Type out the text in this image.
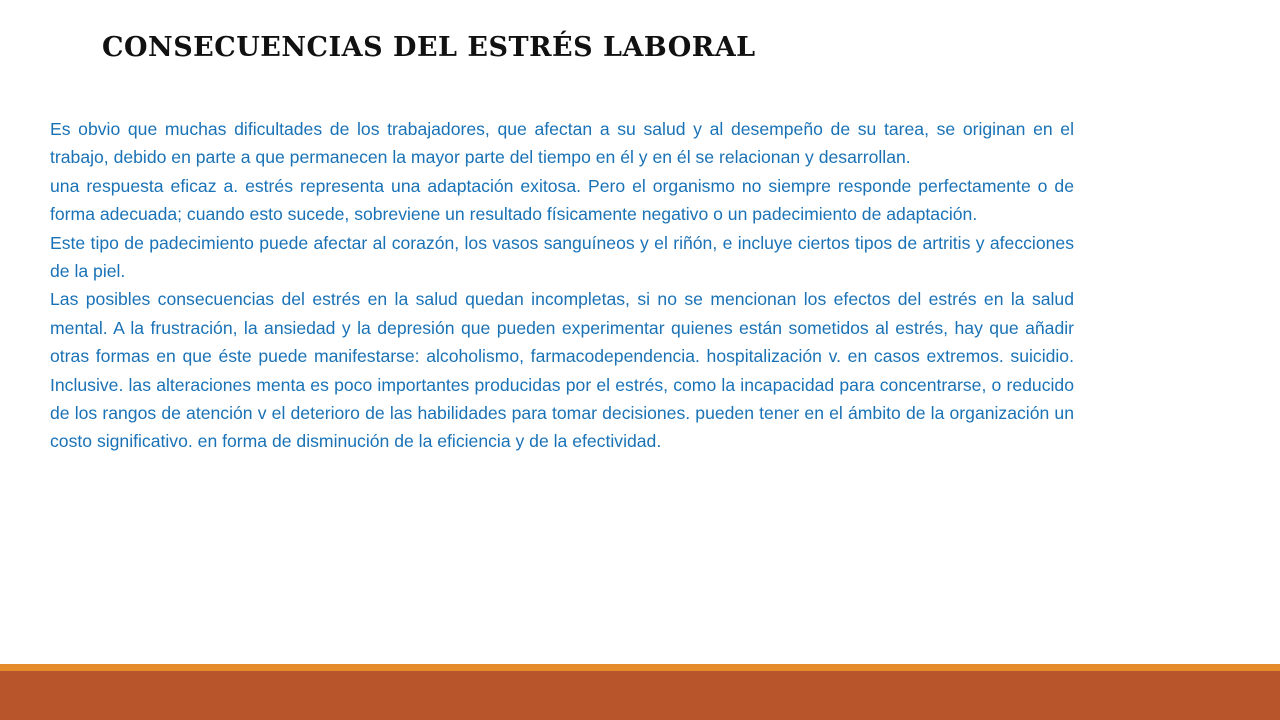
CONSECUENCIAS DEL ESTRÉS LABORAL

Es obvio que muchas dificultades de los trabajadores, que afectan a su salud y al desempeño de su tarea, se originan en el trabajo, debido en parte a que permanecen la mayor parte del tiempo en él y en él se relacionan y desarrollan.

una respuesta eficaz a. estrés representa una adaptación exitosa. Pero el organismo no siempre responde perfectamente o de forma adecuada; cuando esto sucede, sobreviene un resultado físicamente negativo o un padecimiento de adaptación.

Este tipo de padecimiento puede afectar al corazón, los vasos sanguíneos y el riñón, e incluye ciertos tipos de artritis y afecciones de la piel.

Las posibles consecuencias del estrés en la salud quedan incompletas, si no se mencionan los efectos del estrés en la salud mental. A la frustración, la ansiedad y la depresión que pueden experimentar quienes están sometidos al estrés, hay que añadir otras formas en que éste puede manifestarse: alcoholismo, farmacodependencia. hospitalización v. en casos extremos. suicidio. Inclusive. las alteraciones menta es poco importantes producidas por el estrés, como la incapacidad para concentrarse, o reducido de los rangos de atención v el deterioro de las habilidades para tomar decisiones. pueden tener en el ámbito de la organización un costo significativo. en forma de disminución de la eficiencia y de la efectividad.
